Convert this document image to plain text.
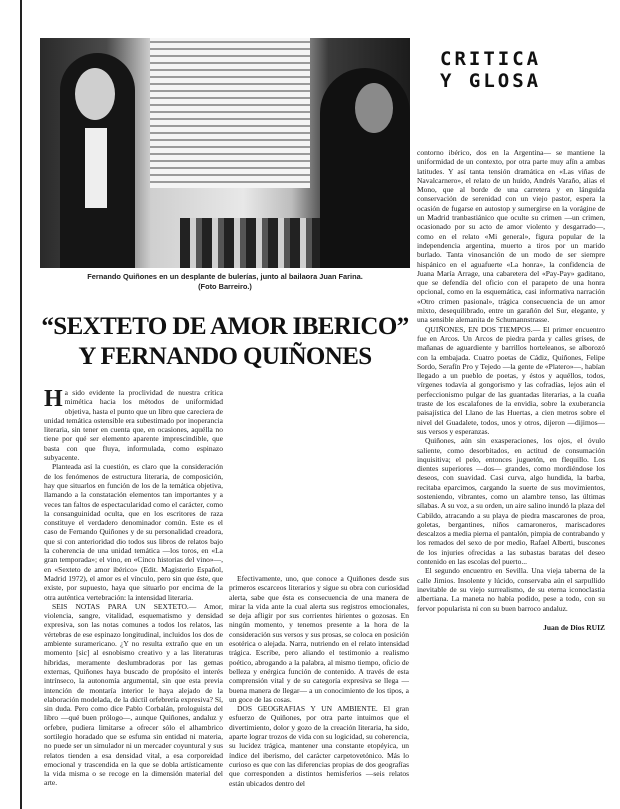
Fernando Quiñones en un desplante de bulerías, junto al bailaora Juan Farina.
(Foto Barreiro.)
“SEXTETO DE AMOR IBERICO”
Y FERNANDO QUIÑONES
CRITICA
Y GLOSA

Ha sido evidente la proclividad de nuestra crítica mimética hacia los métodos de uniformidad objetiva, hasta el punto que un libro que careciera de unidad temática ostensible era subestimado por inoperancia literaria, sin tener en cuenta que, en ocasiones, aquélla no tiene por qué ser elemento aparente imprescindible, que basta con que fluya, informulada, como espinazo subyacente.

Planteada así la cuestión, es claro que la consideración de los fenómenos de estructura literaria, de composición, hay que situarlos en función de los de la temática objetiva, llamando a la constatación elementos tan importantes y a veces tan faltos de espectacularidad como el carácter, como la consanguinidad oculta, que en los escritores de raza constituye el verdadero denominador común. Este es el caso de Fernando Quiñones y de su personalidad creadora, que si con anterioridad dio todos sus libros de relatos bajo la coherencia de una unidad temática —los toros, en «La gran temporada»; el vino, en «Cinco historias del vino»—, en «Sexteto de amor ibérico» (Edit. Magisterio Español, Madrid 1972), el amor es el vínculo, pero sin que éste, que existe, por supuesto, haya que situarlo por encima de la otra auténtica vertebración: la intensidad literaria.

SEIS NOTAS PARA UN SEXTETO.— Amor, violencia, sangre, vitalidad, esquematismo y densidad expresiva, son las notas comunes a todos los relatos, las vértebras de ese espinazo longitudinal, incluidos los dos de ambiente suramericano. ¿Y no resulta extraño que en un momento [sic] al esnobismo creativo y a las literaturas híbridas, meramente deslumbradoras por las gemas externas, Quiñones haya buscado de propósito el interés intrínseco, la autonomía argumental, sin que esta previa intención de montaría interior le haya alejado de la elaboración modelada, de la dúctil orfebrería expresiva? Sí, sin duda. Pero como dice Pablo Corbalán, prologuista del libro —qué buen prólogo—, aunque Quiñones, andaluz y orfebre, pudiera limitarse a ofrecer sólo el alhambrico sortilegio horadado que se esfuma sin entidad ni materia, no puede ser un simulador ni un mercader coyuntural y sus relatos tienden a esa densidad vital, a esa corporeidad emocional y trascendida en la que se dobla artísticamente la vida misma o se recoge en la dimensión material del arte.

Efectivamente, uno, que conoce a Quiñones desde sus primeros escarceos literarios y sigue su obra con curiosidad alerta, sabe que ésta es consecuencia de una manera de mirar la vida ante la cual alerta sus registros emocionales, se deja afligir por sus corrientes hirientes o gozosas. En ningún momento, y tenemos presente a la hora de la consideración sus versos y sus prosas, se coloca en posición esotérica o alejada. Narra, nutriendo en el relato intensidad trágica. Escribe, pero aliando el testimonio a realismo poético, abrogando a la palabra, al mismo tiempo, oficio de belleza y enérgica función de contenido. A través de esta comprensión vital y de su categoría expresiva se llega —buena manera de llegar— a un conocimiento de los tipos, a un goce de las cosas.

DOS GEOGRAFIAS Y UN AMBIENTE. El gran esfuerzo de Quiñones, por otra parte intuimos que el divertimiento, dolor y gozo de la creación literaria, ha sido, aparte lograr trozos de vida con su logicidad, su coherencia, su lucidez trágica, mantener una constante etopéyica, un índice del iberismo, del carácter carpetovetónico. Más lo curioso es que con las diferencias propias de dos geografías que corresponden a distintos hemisferios —seis relatos están ubicados dentro del

contorno ibérico, dos en la Argentina— se mantiene la uniformidad de un contexto, por otra parte muy afín a ambas latitudes. Y así tanta tensión dramática en «Las viñas de Navalcarnero», el relato de un huido, Andrés Varaño, alias el Mono, que al borde de una carretera y en lánguida conservación de serenidad con un viejo pastor, espera la ocasión de fugarse en autostop y sumergirse en la vorágine de un Madrid tranbastiánico que oculte su crimen —un crimen, ocasionado por su acto de amor violento y desgarrado—, como en el relato «Mi general», figura popular de la independencia argentina, muerto a tiros por un marido burlado. Tanta vinosanción de un modo de ser siempre hispánico en el aguafuerte «La honra», la confidencia de Juana María Arrage, una cabaretera del «Pay-Pay» gaditano, que se defendía del oficio con el parapeto de una honra opcional, como en la esquemática, casi informativa narración «Otro crimen pasional», trágica consecuencia de un amor mixto, desequilibrado, entre un garañón del Sur, elegante, y una sensible alemanita de Schumannstrasse.

QUIÑONES, EN DOS TIEMPOS.— El primer encuentro fue en Arcos. Un Arcos de piedra parda y calles grises, de mañanas de aguardiente y barrillos horteleanos, se alborozó con la embajada. Cuatro poetas de Cádiz, Quiñones, Felipe Sordo, Serafín Pro y Tejedo —la gente de «Platero»—, habían llegado a un pueblo de poetas, y éstos y aquéllos, todos, vírgenes todavía al gongorismo y las cofradías, lejos aún el perfeccionismo pulgar de las guantadas literarias, a la cuaña traste de los escalafones de la envidia, sobre la exuberancia paisajística del Llano de las Huertas, a cien metros sobre el nivel del Guadalete, todos, unos y otros, dijeron —dijimos— sus versos y esperanzas.

Quiñones, aún sin exasperaciones, los ojos, el óvulo saliente, como desorbitados, en actitud de consumación inquisitiva; el pelo, entonces juguetón, en flequillo. Los dientes superiores —dos— grandes, como mordiéndose los deseos, con suavidad. Casi curva, algo hundida, la barba, recitaba eparcimos, cargando la suerte de sus movimientos, sosteniendo, vibrantes, como un alambre tenso, las últimas sílabas. A su voz, a su orden, un aire salino inundó la plaza del Cabildo, atracando a su playa de piedra mascarones de proa, goletas, bergantines, niños camaroneros, mariscadores descalzos a media pierna el pantalón, pimpia de contrabando y los remados del sexo de por medio, Rafael Alberti, buscones de los injuries ofrecidas a las subastas baratas del deseo contenido en las escolas del puerto...

El segundo encuentro en Sevilla. Una vieja taberna de la calle Jimios. Insolente y lúcido, conservaba aún el sarpullido inevitable de su viejo surrealismo, de su eterna iconoclastia albertiana. La maneta no había podido, pese a todo, con su fervor popularista ni con su buen barroco andaluz.

Juan de Dios RUIZ
